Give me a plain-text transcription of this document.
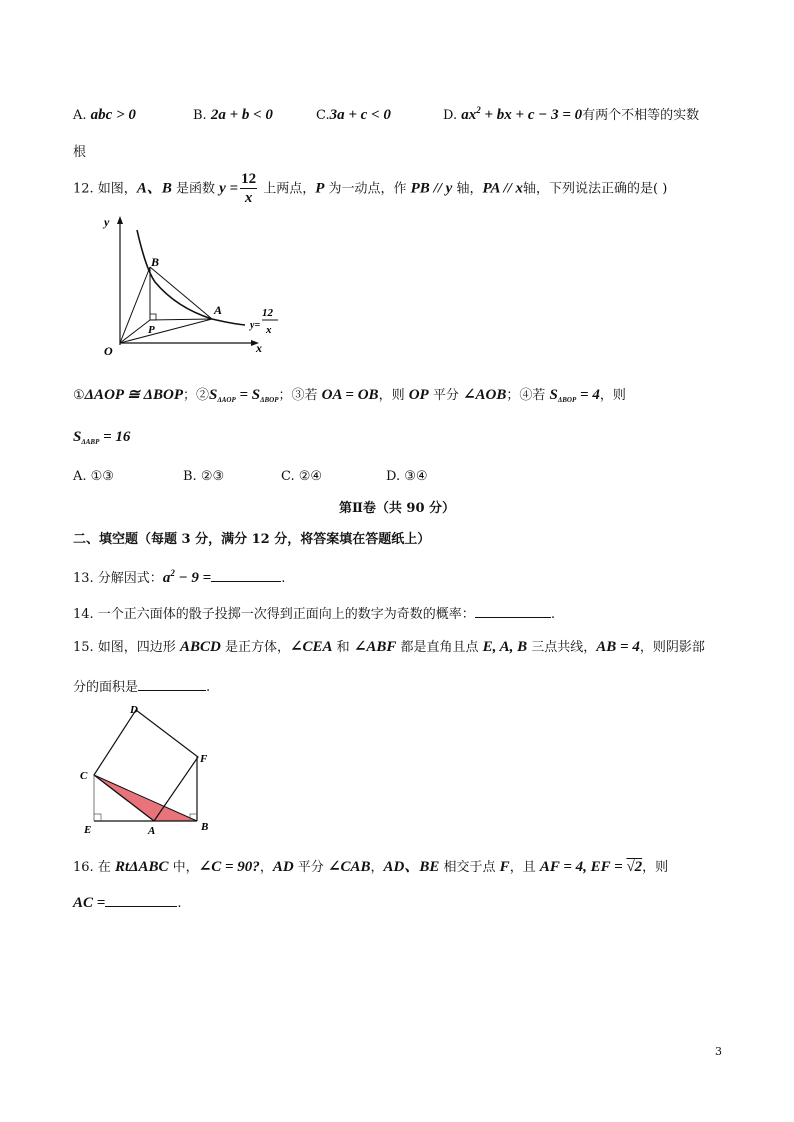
A. abc > 0	B. 2a + b < 0	C.3a + c < 0	D. $ax^2$ + bx + c − 3 = 0有两个不相等的实数
根
12. 如图，A、B 是函数 $y = \frac{12}{x}$ 上两点，P 为一动点，作 PB // y 轴，PA // x轴，下列说法正确的是( )
y
x
O
B
A
P	y=
12
x
①ΔAOP ≅ ΔBOP；$②S_{\Delta AOP} = S_{\Delta BOP}$；③若 OA = OB，则 OP 平分 ∠AOB；④若 $S_{\Delta BOP} = 4$，则
$S_{\Delta ABP} = 16$
A. ①③	B. ②③	C. ②④	D. ③④
第Ⅱ卷（共 90 分）
二、填空题（每题 3 分，满分 12 分，将答案填在答题纸上）
13. 分解因式：$a^2 - 9$ =	.
14. 一个正六面体的骰子投掷一次得到正面向上的数字为奇数的概率：	.
15. 如图，四边形 ABCD 是正方体，∠CEA 和 ∠ABF 都是直角且点 E, A, B 三点共线，AB = 4，则阴影部
分的面积是	.
D
F
C
E	A	B
16. 在 RtΔABC 中，∠C = 90?，AD 平分 ∠CAB，AD、BE 相交于点 F，且 AF = 4, EF = √2，则
AC =	.
3
